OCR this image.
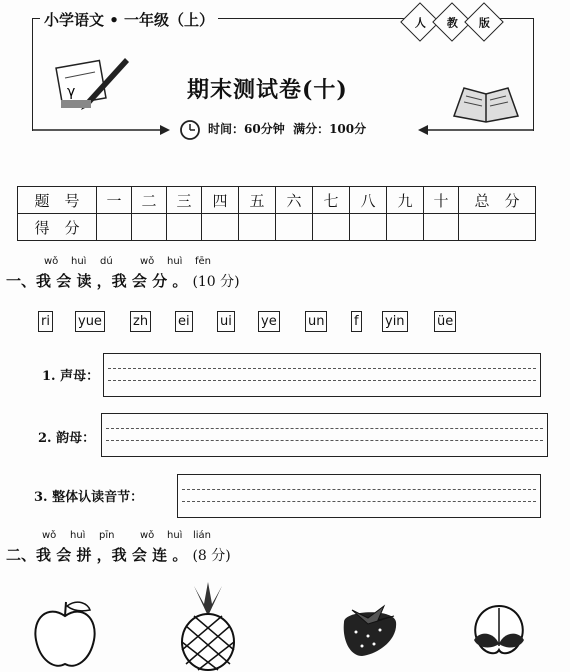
小学语文 • 一年级（上）	人 教 版
γ	期末测试卷(十)
时间：60分钟 满分：100分
题　号	一	二	三	四	五	六	七	八	九	十	总　分
得　分											
wǒ huì dú	wǒ huì fēn
一、我 会 读 ，我 会 分 。 (10 分)
ri yue zh ei ui ye un f yin üe
1. 声母：
2. 韵母：
3. 整体认读音节：
wǒ huì pīn	wǒ huì lián
二、我 会 拼 ，我 会 连 。 (8 分)
